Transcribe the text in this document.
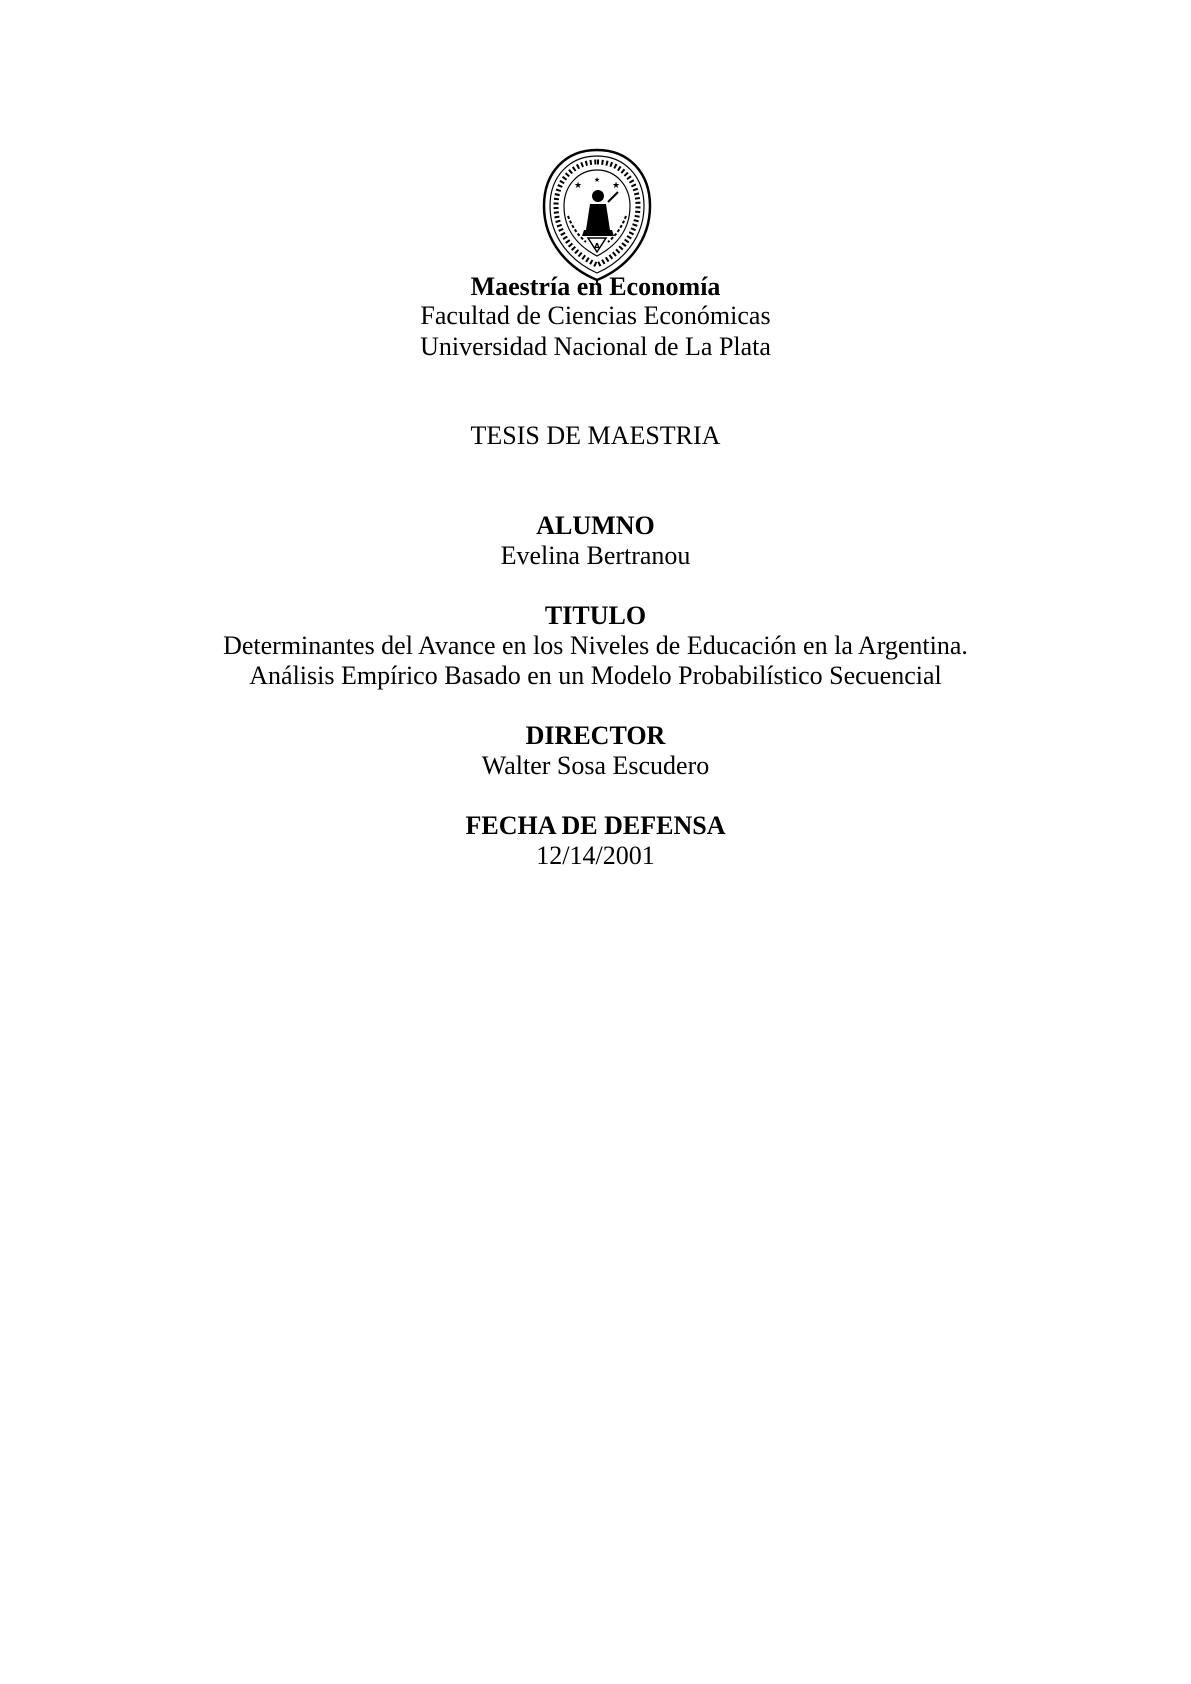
★	★
★
A
Maestría en Economía
Facultad de Ciencias Económicas
Universidad Nacional de La Plata
TESIS DE MAESTRIA
ALUMNO
Evelina Bertranou
TITULO
Determinantes del Avance en los Niveles de Educación en la Argentina.
Análisis Empírico Basado en un Modelo Probabilístico Secuencial
DIRECTOR
Walter Sosa Escudero
FECHA DE DEFENSA
12/14/2001
